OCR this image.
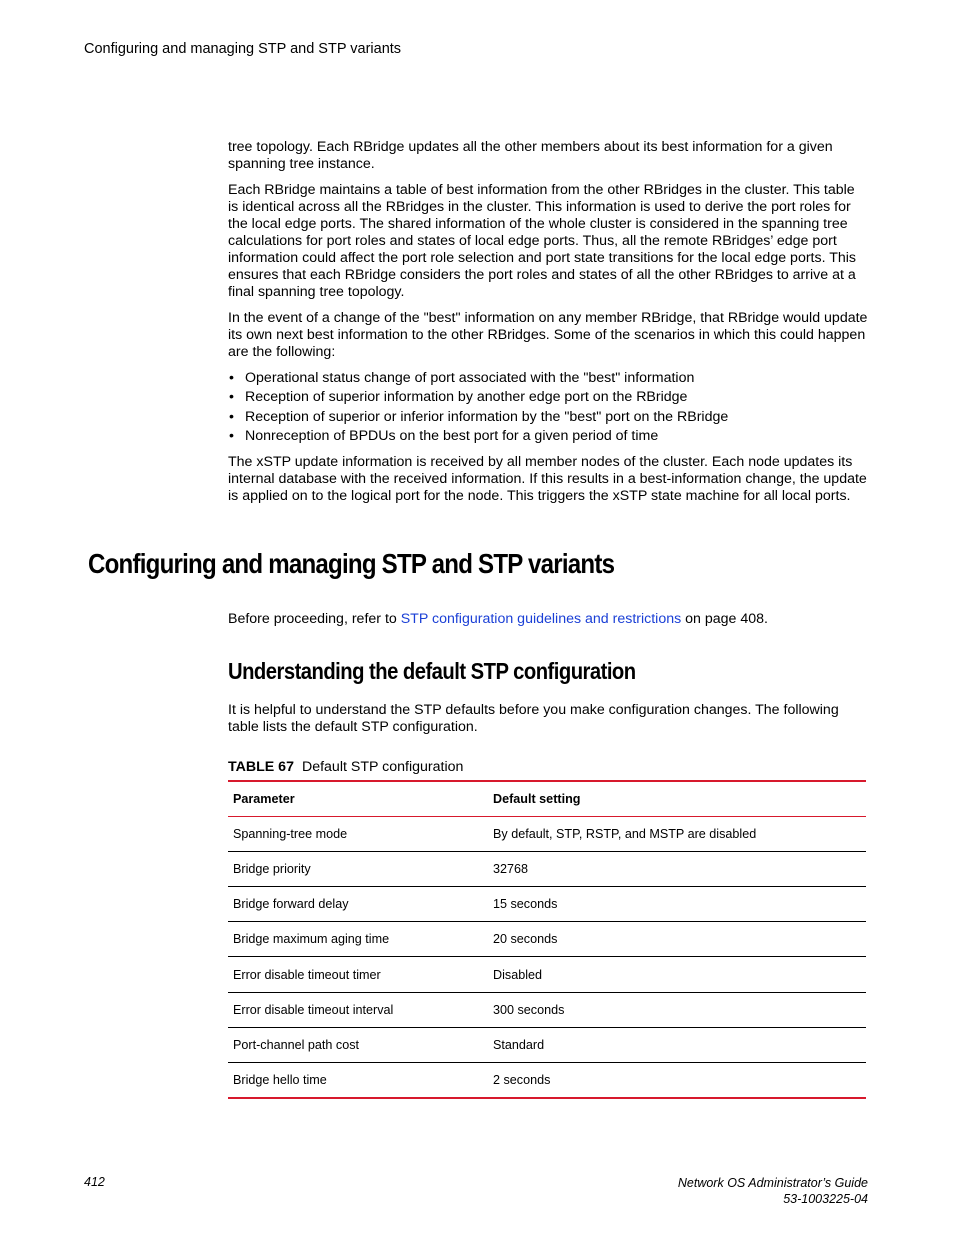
Configuring and managing STP and STP variants

tree topology. Each RBridge updates all the other members about its best information for a given spanning tree instance.

Each RBridge maintains a table of best information from the other RBridges in the cluster. This table is identical across all the RBridges in the cluster. This information is used to derive the port roles for the local edge ports. The shared information of the whole cluster is considered in the spanning tree calculations for port roles and states of local edge ports. Thus, all the remote RBridges’ edge port information could affect the port role selection and port state transitions for the local edge ports. This ensures that each RBridge considers the port roles and states of all the other RBridges to arrive at a final spanning tree topology.

In the event of a change of the "best" information on any member RBridge, that RBridge would update its own next best information to the other RBridges. Some of the scenarios in which this could happen are the following:

• Operational status change of port associated with the "best" information
• Reception of superior information by another edge port on the RBridge
• Reception of superior or inferior information by the "best" port on the RBridge
• Nonreception of BPDUs on the best port for a given period of time

The xSTP update information is received by all member nodes of the cluster. Each node updates its internal database with the received information. If this results in a best-information change, the update is applied on to the logical port for the node. This triggers the xSTP state machine for all local ports.

Configuring and managing STP and STP variants

Before proceeding, refer to STP configuration guidelines and restrictions on page 408.

Understanding the default STP configuration

It is helpful to understand the STP defaults before you make configuration changes. The following table lists the default STP configuration.

TABLE 67 Default STP configuration
Parameter	Default setting
Spanning-tree mode	By default, STP, RSTP, and MSTP are disabled
Bridge priority	32768
Bridge forward delay	15 seconds
Bridge maximum aging time	20 seconds
Error disable timeout timer	Disabled
Error disable timeout interval	300 seconds
Port-channel path cost	Standard
Bridge hello time	2 seconds
412	Network OS Administrator’s Guide
53-1003225-04
